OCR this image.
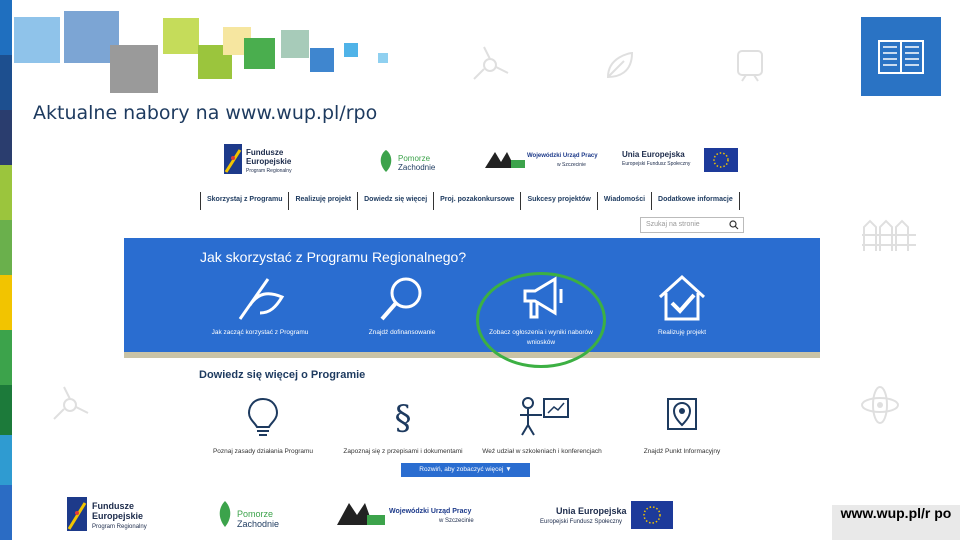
Aktualne nabory na www.wup.pl/rpo
Fundusze
Europejskie
Program Regionalny
Pomorze
Zachodnie
Wojewódzki Urząd Pracy
w Szczecinie
Unia Europejska
Europejski Fundusz Społeczny
Skorzystaj z Programu	Realizuję projekt	Dowiedz się więcej	Proj. pozakonkursowe	Sukcesy projektów	Wiadomości	Dodatkowe informacje
Szukaj na stronie
Jak skorzystać z Programu Regionalnego?
Jak zacząć korzystać z Programu	Znajdź dofinansowanie	Zobacz ogłoszenia i wyniki naborów wniosków
Realizuję projekt
Dowiedz się więcej o Programie
Poznaj zasady działania Programu
§
Zapoznaj się z przepisami i dokumentami	Weź udział w szkoleniach i konferencjach	Znajdź Punkt Informacyjny
Rozwiń, aby zobaczyć więcej ▼
Fundusze
Europejskie
Program Regionalny
Pomorze
Zachodnie
Wojewódzki Urząd Pracy
w Szczecinie
Unia Europejska
Europejski Fundusz Społeczny
www.wup.pl/r po
